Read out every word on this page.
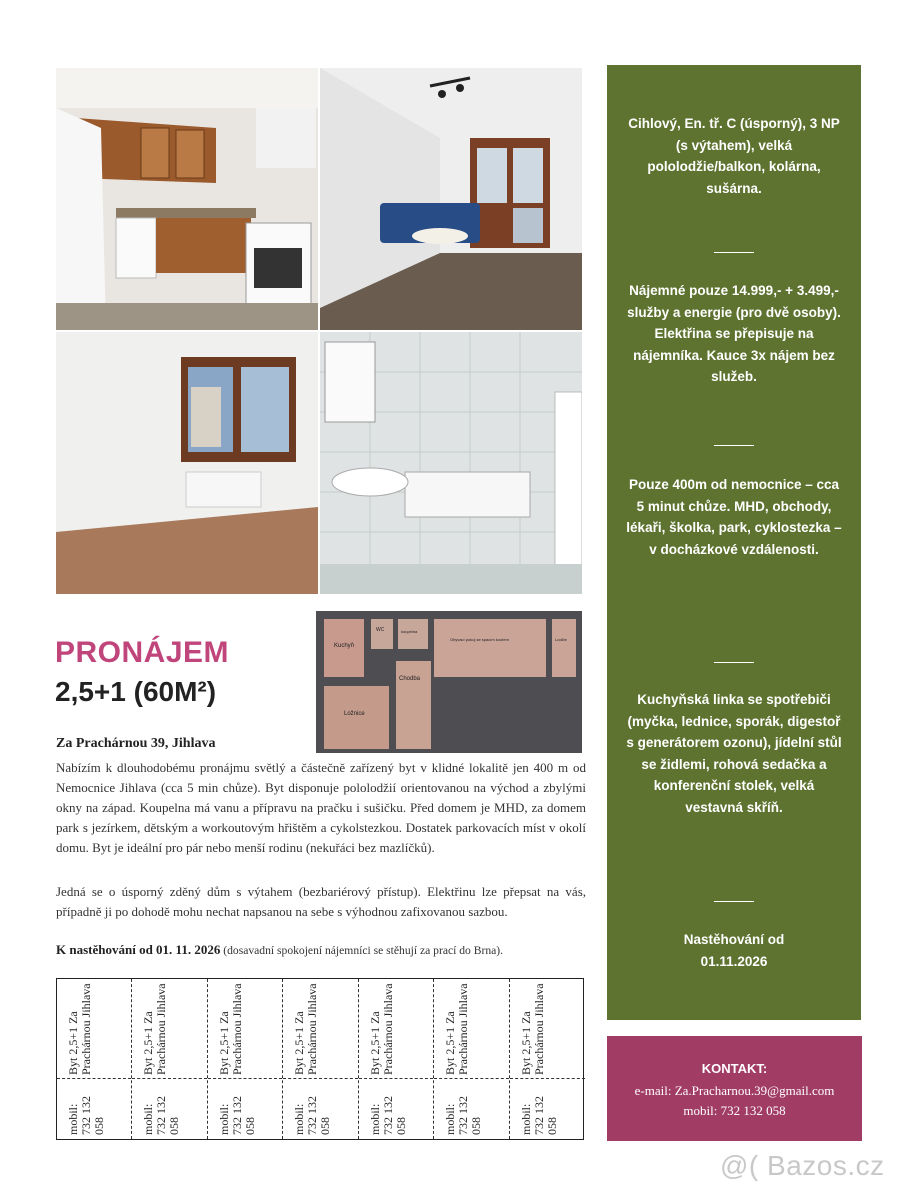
Kuchyň
WC	koupelna
Obývací pokoj se spacím koutem	Lodžie
Chodba
Ložnice
PRONÁJEM
2,5+1 (60M²)
Za Prachárnou 39, Jihlava
Nabízím k dlouhodobému pronájmu světlý a částečně zařízený byt v klidné lokalitě jen 400 m od Nemocnice Jihlava (cca 5 min chůze). Byt disponuje pololodžií orientovanou na východ a zbylými okny na západ. Koupelna má vanu a přípravu na pračku i sušičku. Před domem je MHD, za domem park s jezírkem, dětským a workoutovým hřištěm a cykolstezkou. Dostatek parkovacích míst v okolí domu. Byt je ideální pro pár nebo menší rodinu (nekuřáci bez mazlíčků).
Jedná se o úsporný zděný dům s výtahem (bezbariérový přístup). Elektřinu lze přepsat na vás, případně ji po dohodě mohu nechat napsanou na sebe s výhodnou zafixovanou sazbou.
K nastěhování od 01. 11. 2026 (dosavadní spokojení nájemníci se stěhují za prací do Brna).
Byt 2,5+1 Za Prachárnou Jihlava
mobil: 732 132 058
Byt 2,5+1 Za Prachárnou Jihlava
mobil: 732 132 058
Byt 2,5+1 Za Prachárnou Jihlava
mobil: 732 132 058
Byt 2,5+1 Za Prachárnou Jihlava
mobil: 732 132 058
Byt 2,5+1 Za Prachárnou Jihlava
mobil: 732 132 058
Byt 2,5+1 Za Prachárnou Jihlava
mobil: 732 132 058
Byt 2,5+1 Za Prachárnou Jihlava
mobil: 732 132 058
Cihlový, En. tř. C (úsporný), 3 NP (s výtahem), velká pololodžie/balkon, kolárna, sušárna.
Nájemné pouze 14.999,- + 3.499,- služby a energie (pro dvě osoby). Elektřina se přepisuje na nájemníka. Kauce 3x nájem bez služeb.
Pouze 400m od nemocnice – cca 5 minut chůze. MHD, obchody, lékaři, školka, park, cyklostezka – v docházkové vzdálenosti.
Kuchyňská linka se spotřebiči (myčka, lednice, sporák, digestoř s generátorem ozonu), jídelní stůl se židlemi, rohová sedačka a konferenční stolek, velká vestavná skříň.
Nastěhování od 01.11.2026
KONTAKT:
e-mail: Za.Pracharnou.39@gmail.com
mobil: 732 132 058
@( Bazos.cz
